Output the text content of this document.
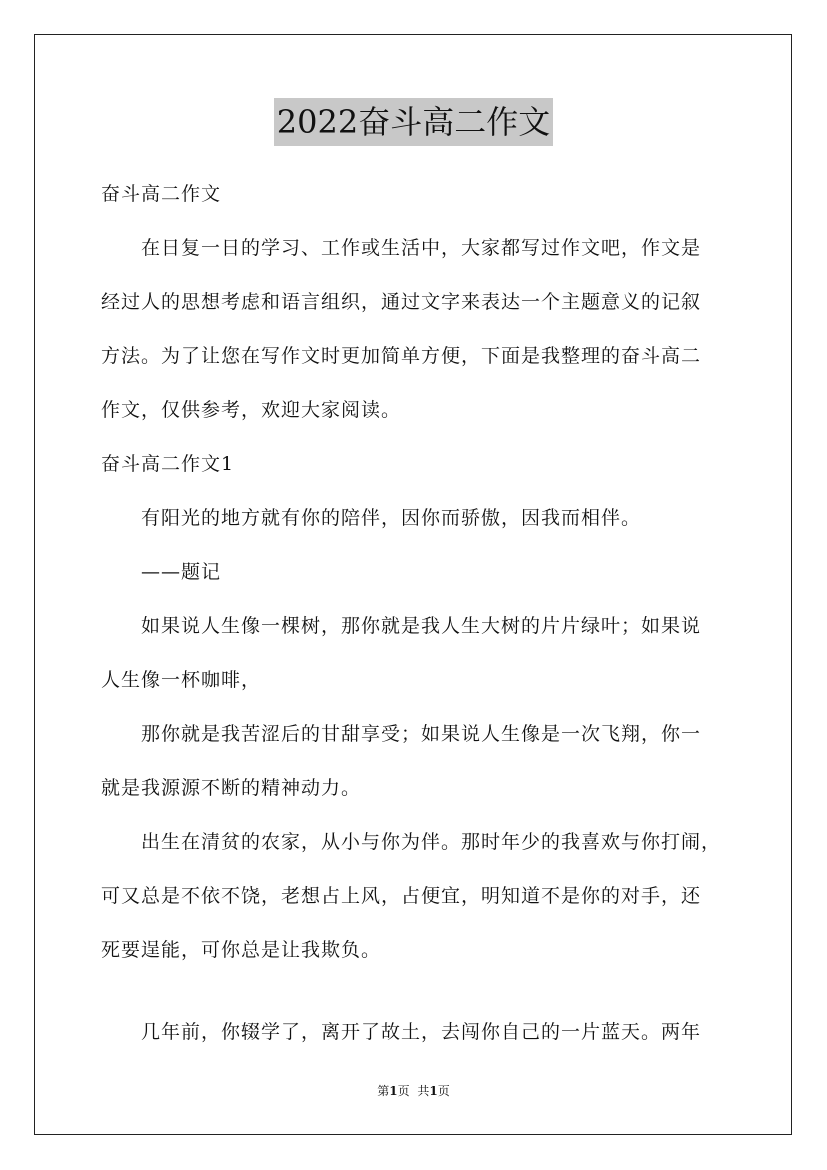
2022奋斗高二作文
奋斗高二作文
　　在日复一日的学习、工作或生活中，大家都写过作文吧，作文是
经过人的思想考虑和语言组织，通过文字来表达一个主题意义的记叙
方法。为了让您在写作文时更加简单方便，下面是我整理的奋斗高二
作文，仅供参考，欢迎大家阅读。
奋斗高二作文1
　　有阳光的地方就有你的陪伴，因你而骄傲，因我而相伴。
　　——题记
　　如果说人生像一棵树，那你就是我人生大树的片片绿叶；如果说
人生像一杯咖啡，
　　那你就是我苦涩后的甘甜享受；如果说人生像是一次飞翔，你一
就是我源源不断的精神动力。
　　出生在清贫的农家，从小与你为伴。那时年少的我喜欢与你打闹，
可又总是不依不饶，老想占上风，占便宜，明知道不是你的对手，还
死要逞能，可你总是让我欺负。
　　几年前，你辍学了，离开了故土，去闯你自己的一片蓝天。两年
第1页 共1页
